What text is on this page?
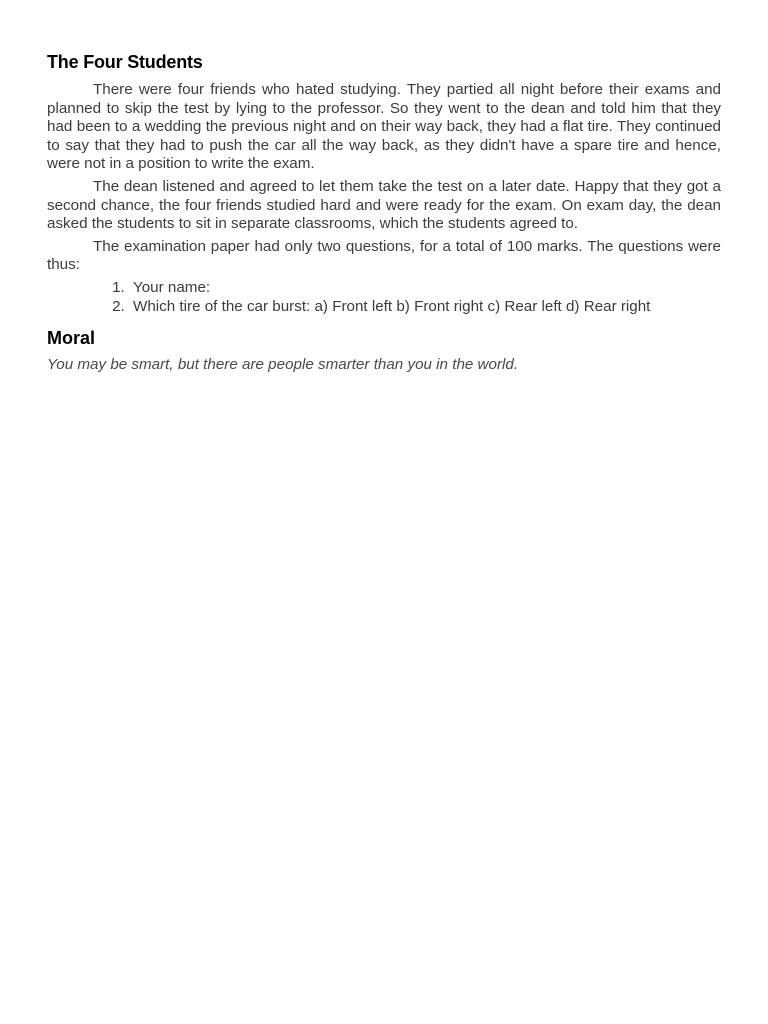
The Four Students

There were four friends who hated studying. They partied all night before their exams and planned to skip the test by lying to the professor. So they went to the dean and told him that they had been to a wedding the previous night and on their way back, they had a flat tire. They continued to say that they had to push the car all the way back, as they didn't have a spare tire and hence, were not in a position to write the exam.

The dean listened and agreed to let them take the test on a later date. Happy that they got a second chance, the four friends studied hard and were ready for the exam. On exam day, the dean asked the students to sit in separate classrooms, which the students agreed to.

The examination paper had only two questions, for a total of 100 marks. The questions were thus:

1. Your name:
2. Which tire of the car burst: a) Front left b) Front right c) Rear left d) Rear right
Moral

You may be smart, but there are people smarter than you in the world.
